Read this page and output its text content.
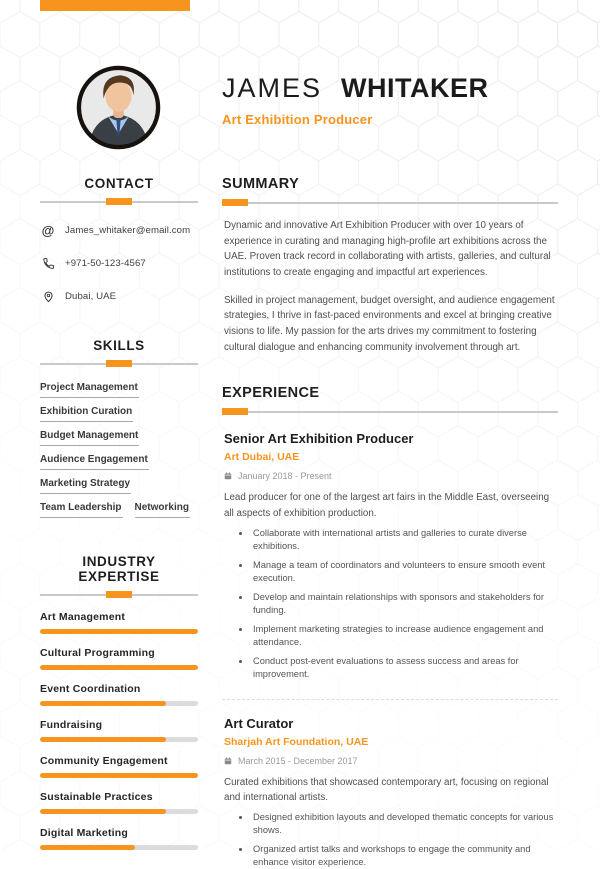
JAMES WHITAKER
Art Exhibition Producer
CONTACT
@ James_whitaker@email.com
+971-50-123-4567
Dubai, UAE
SKILLS
Project Management
Exhibition Curation
Budget Management
Audience Engagement
Marketing Strategy
Team Leadership Networking
INDUSTRY EXPERTISE
Art Management
Cultural Programming
Event Coordination
Fundraising
Community Engagement
Sustainable Practices
Digital Marketing
SUMMARY

Dynamic and innovative Art Exhibition Producer with over 10 years of experience in curating and managing high-profile art exhibitions across the UAE. Proven track record in collaborating with artists, galleries, and cultural institutions to create engaging and impactful art experiences.

Skilled in project management, budget oversight, and audience engagement strategies, I thrive in fast-paced environments and excel at bringing creative visions to life. My passion for the arts drives my commitment to fostering cultural dialogue and enhancing community involvement through art.

EXPERIENCE
Senior Art Exhibition Producer
Art Dubai, UAE
January 2018 - Present
Lead producer for one of the largest art fairs in the Middle East, overseeing all aspects of exhibition production.
• Collaborate with international artists and galleries to curate diverse exhibitions.
• Manage a team of coordinators and volunteers to ensure smooth event execution.
• Develop and maintain relationships with sponsors and stakeholders for funding.
• Implement marketing strategies to increase audience engagement and attendance.
• Conduct post-event evaluations to assess success and areas for improvement.
Art Curator
Sharjah Art Foundation, UAE
March 2015 - December 2017
Curated exhibitions that showcased contemporary art, focusing on regional and international artists.
• Designed exhibition layouts and developed thematic concepts for various shows.
• Organized artist talks and workshops to engage the community and enhance visitor experience.
